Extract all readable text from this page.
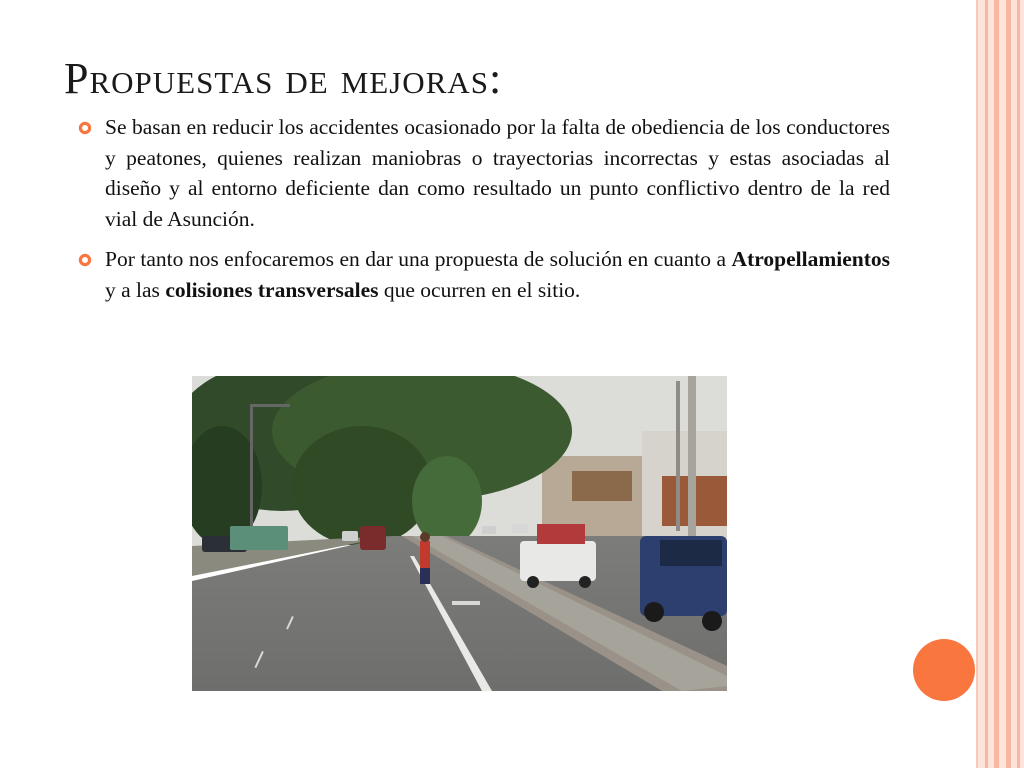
Propuestas de mejoras:
Se basan en reducir los accidentes ocasionado por la falta de obediencia de los conductores y peatones, quienes realizan maniobras o trayectorias incorrectas y estas asociadas al diseño y al entorno deficiente dan como resultado un punto conflictivo dentro de la red vial de Asunción.
Por tanto nos enfocaremos en dar una propuesta de solución en cuanto a Atropellamientos y a las colisiones transversales que ocurren en el sitio.
